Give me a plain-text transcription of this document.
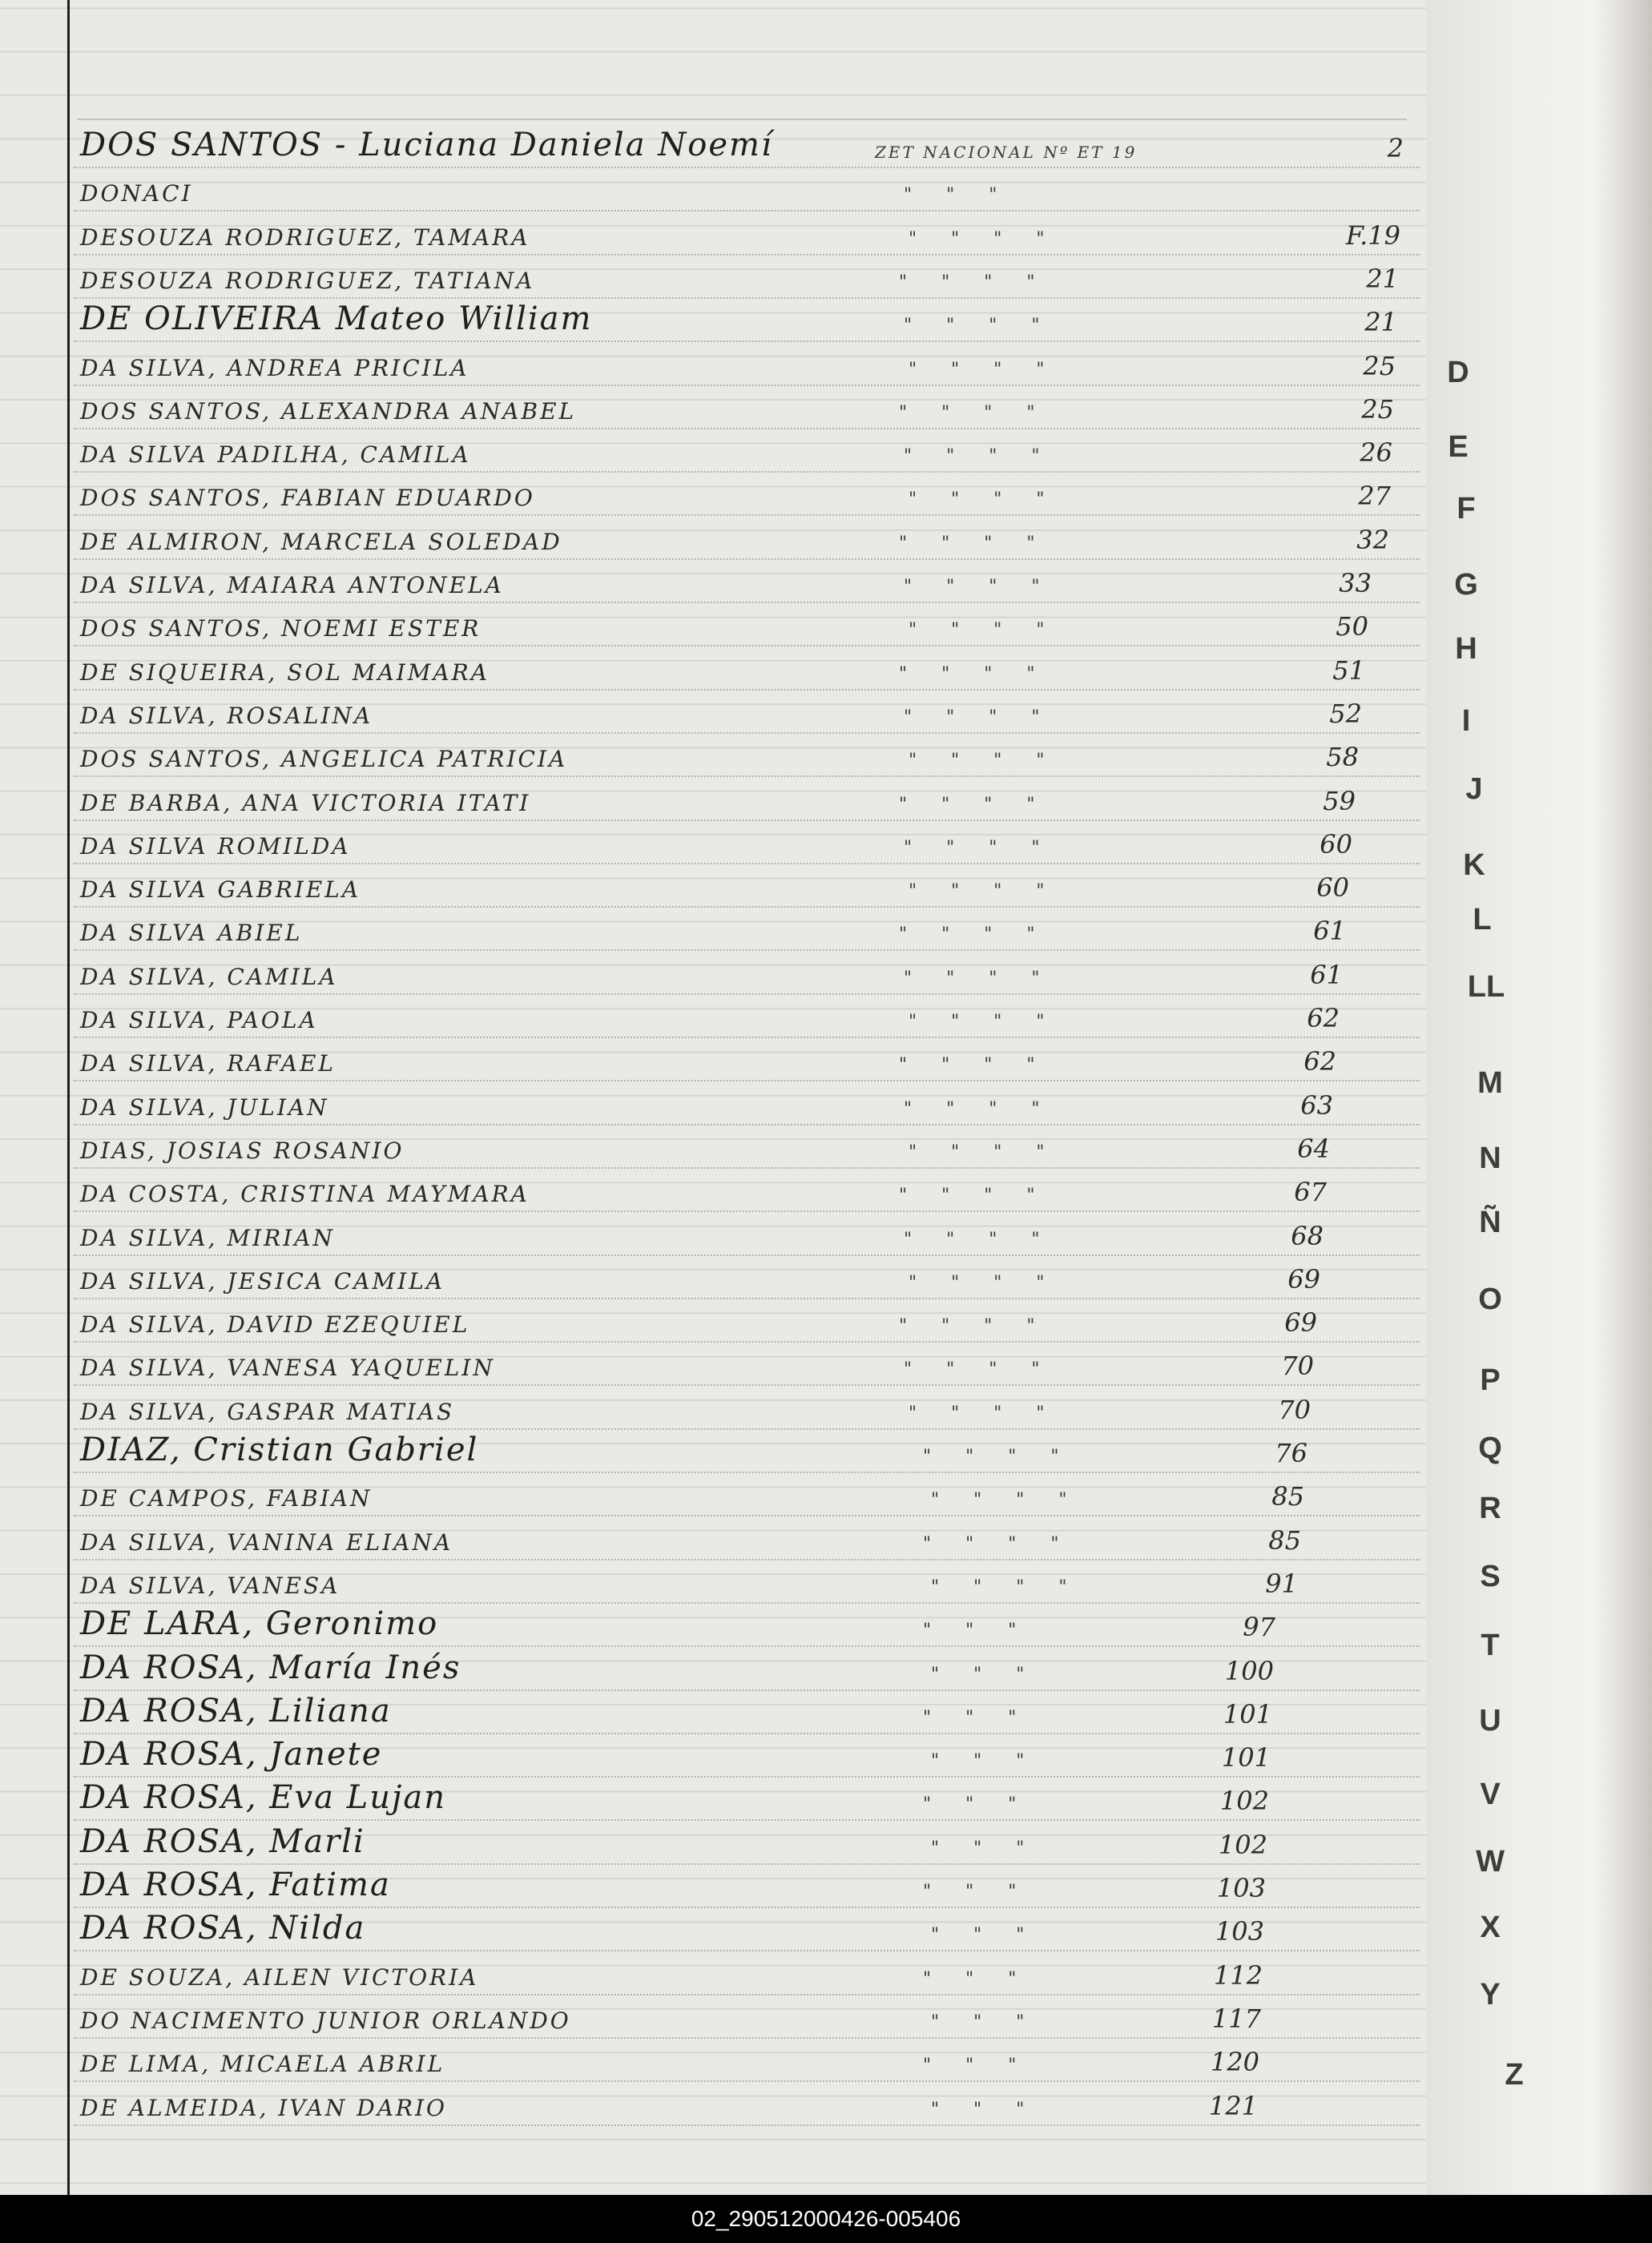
D
E
F
G
H
I
J
K
L
LL
M
N
Ñ
O
P
Q
R
S
T
U
V
W
X
Y
Z
DOS SANTOS - Luciana Daniela Noemí	ZET NACIONAL Nº ET 19	2
DONACI	" " "
DESOUZA RODRIGUEZ, TAMARA	" " " "	F.19
DESOUZA RODRIGUEZ, TATIANA	" " " "	21
DE OLIVEIRA Mateo William	" " " "	21
DA SILVA, ANDREA PRICILA	" " " "	25
DOS SANTOS, ALEXANDRA ANABEL	" " " "	25
DA SILVA PADILHA, CAMILA	" " " "	26
DOS SANTOS, FABIAN EDUARDO	" " " "	27
DE ALMIRON, MARCELA SOLEDAD	" " " "	32
DA SILVA, MAIARA ANTONELA	" " " "	33
DOS SANTOS, NOEMI ESTER	" " " "	50
DE SIQUEIRA, SOL MAIMARA	" " " "	51
DA SILVA, ROSALINA	" " " "	52
DOS SANTOS, ANGELICA PATRICIA	" " " "	58
DE BARBA, ANA VICTORIA ITATI	" " " "	59
DA SILVA ROMILDA	" " " "	60
DA SILVA GABRIELA	" " " "	60
DA SILVA ABIEL	" " " "	61
DA SILVA, CAMILA	" " " "	61
DA SILVA, PAOLA	" " " "	62
DA SILVA, RAFAEL	" " " "	62
DA SILVA, JULIAN	" " " "	63
DIAS, JOSIAS ROSANIO	" " " "	64
DA COSTA, CRISTINA MAYMARA	" " " "	67
DA SILVA, MIRIAN	" " " "	68
DA SILVA, JESICA CAMILA	" " " "	69
DA SILVA, DAVID EZEQUIEL	" " " "	69
DA SILVA, VANESA YAQUELIN	" " " "	70
DA SILVA, GASPAR MATIAS	" " " "	70
DIAZ, Cristian Gabriel	" " " "	76
DE CAMPOS, FABIAN	" " " "	85
DA SILVA, VANINA ELIANA	" " " "	85
DA SILVA, VANESA	" " " "	91
DE LARA, Geronimo	" " "	97
DA ROSA, María Inés	" " "	100
DA ROSA, Liliana	" " "	101
DA ROSA, Janete	" " "	101
DA ROSA, Eva Lujan	" " "	102
DA ROSA, Marli	" " "	102
DA ROSA, Fatima	" " "	103
DA ROSA, Nilda	" " "	103
DE SOUZA, AILEN VICTORIA	" " "	112
DO NACIMENTO JUNIOR ORLANDO	" " "	117
DE LIMA, MICAELA ABRIL	" " "	120
DE ALMEIDA, IVAN DARIO	" " "	121
02_290512000426-005406
